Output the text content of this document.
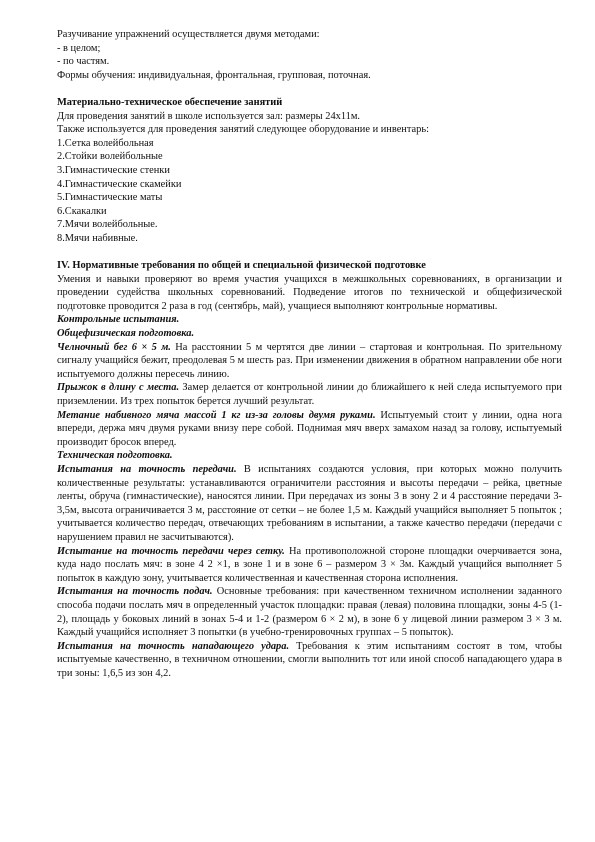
Разучивание упражнений осуществляется двумя методами:

- в целом;

- по частям.

Формы обучения: индивидуальная, фронтальная, групповая, поточная.

Материально-техническое обеспечение занятий

Для проведения занятий в школе используется зал: размеры 24х11м.

Также используется для проведения занятий следующее оборудование и инвентарь:

1.Сетка волейбольная

2.Стойки волейбольные

3.Гимнастические стенки

4.Гимнастические скамейки

5.Гимнастические маты

6.Скакалки

7.Мячи волейбольные.

8.Мячи набивные.

IV. Нормативные требования по общей и специальной физической подготовке

Умения и навыки проверяют во время участия учащихся в межшкольных соревнованиях, в организации и проведении судейства школьных соревнований. Подведение итогов по технической и общефизической подготовке проводится 2 раза в год (сентябрь, май), учащиеся выполняют контрольные нормативы.

Контрольные испытания.

Общефизическая подготовка.

Челночный бег 6 × 5 м. На расстоянии 5 м чертятся две линии – стартовая и контрольная. По зрительному сигналу учащийся бежит, преодолевая 5 м шесть раз. При изменении движения в обратном направлении обе ноги испытуемого должны пересечь линию.

Прыжок в длину с места. Замер делается от контрольной линии до ближайшего к ней следа испытуемого при приземлении. Из трех попыток берется лучший результат.

Метание набивного мяча массой 1 кг из-за головы двумя руками. Испытуемый стоит у линии, одна нога впереди, держа мяч двумя руками внизу пере собой. Поднимая мяч вверх замахом назад за голову, испытуемый производит бросок вперед.

Техническая подготовка.

Испытания на точность передачи. В испытаниях создаются условия, при которых можно получить количественные результаты: устанавливаются ограничители расстояния и высоты передачи – рейка, цветные ленты, обруча (гимнастические), наносятся линии. При передачах из зоны 3 в зону 2 и 4 расстояние передачи 3-3,5м, высота ограничивается 3 м, расстояние от сетки – не более 1,5 м. Каждый учащийся выполняет 5 попыток ; учитывается количество передач, отвечающих требованиям в испытании, а также качество передачи (передачи с нарушением правил не засчитываются).

Испытание на точность передачи через сетку. На противоположной стороне площадки очерчивается зона, куда надо послать мяч: в зоне 4 2 ×1, в зоне 1 и в зоне 6 – размером 3 × 3м. Каждый учащийся выполняет 5 попыток в каждую зону, учитывается количественная и качественная сторона исполнения.

Испытания на точность подач. Основные требования: при качественном техничном исполнении заданного способа подачи послать мяч в определенный участок площадки: правая (левая) половина площадки, зоны 4-5 (1-2), площадь у боковых линий в зонах 5-4 и 1-2 (размером 6 × 2 м), в зоне 6 у лицевой линии размером 3 × 3 м. Каждый учащийся исполняет 3 попытки (в учебно-тренировочных группах – 5 попыток).

Испытания на точность нападающего удара. Требования к этим испытаниям состоят в том, чтобы испытуемые качественно, в техничном отношении, смогли выполнить тот или иной способ нападающего удара в три зоны: 1,6,5 из зон 4,2.
